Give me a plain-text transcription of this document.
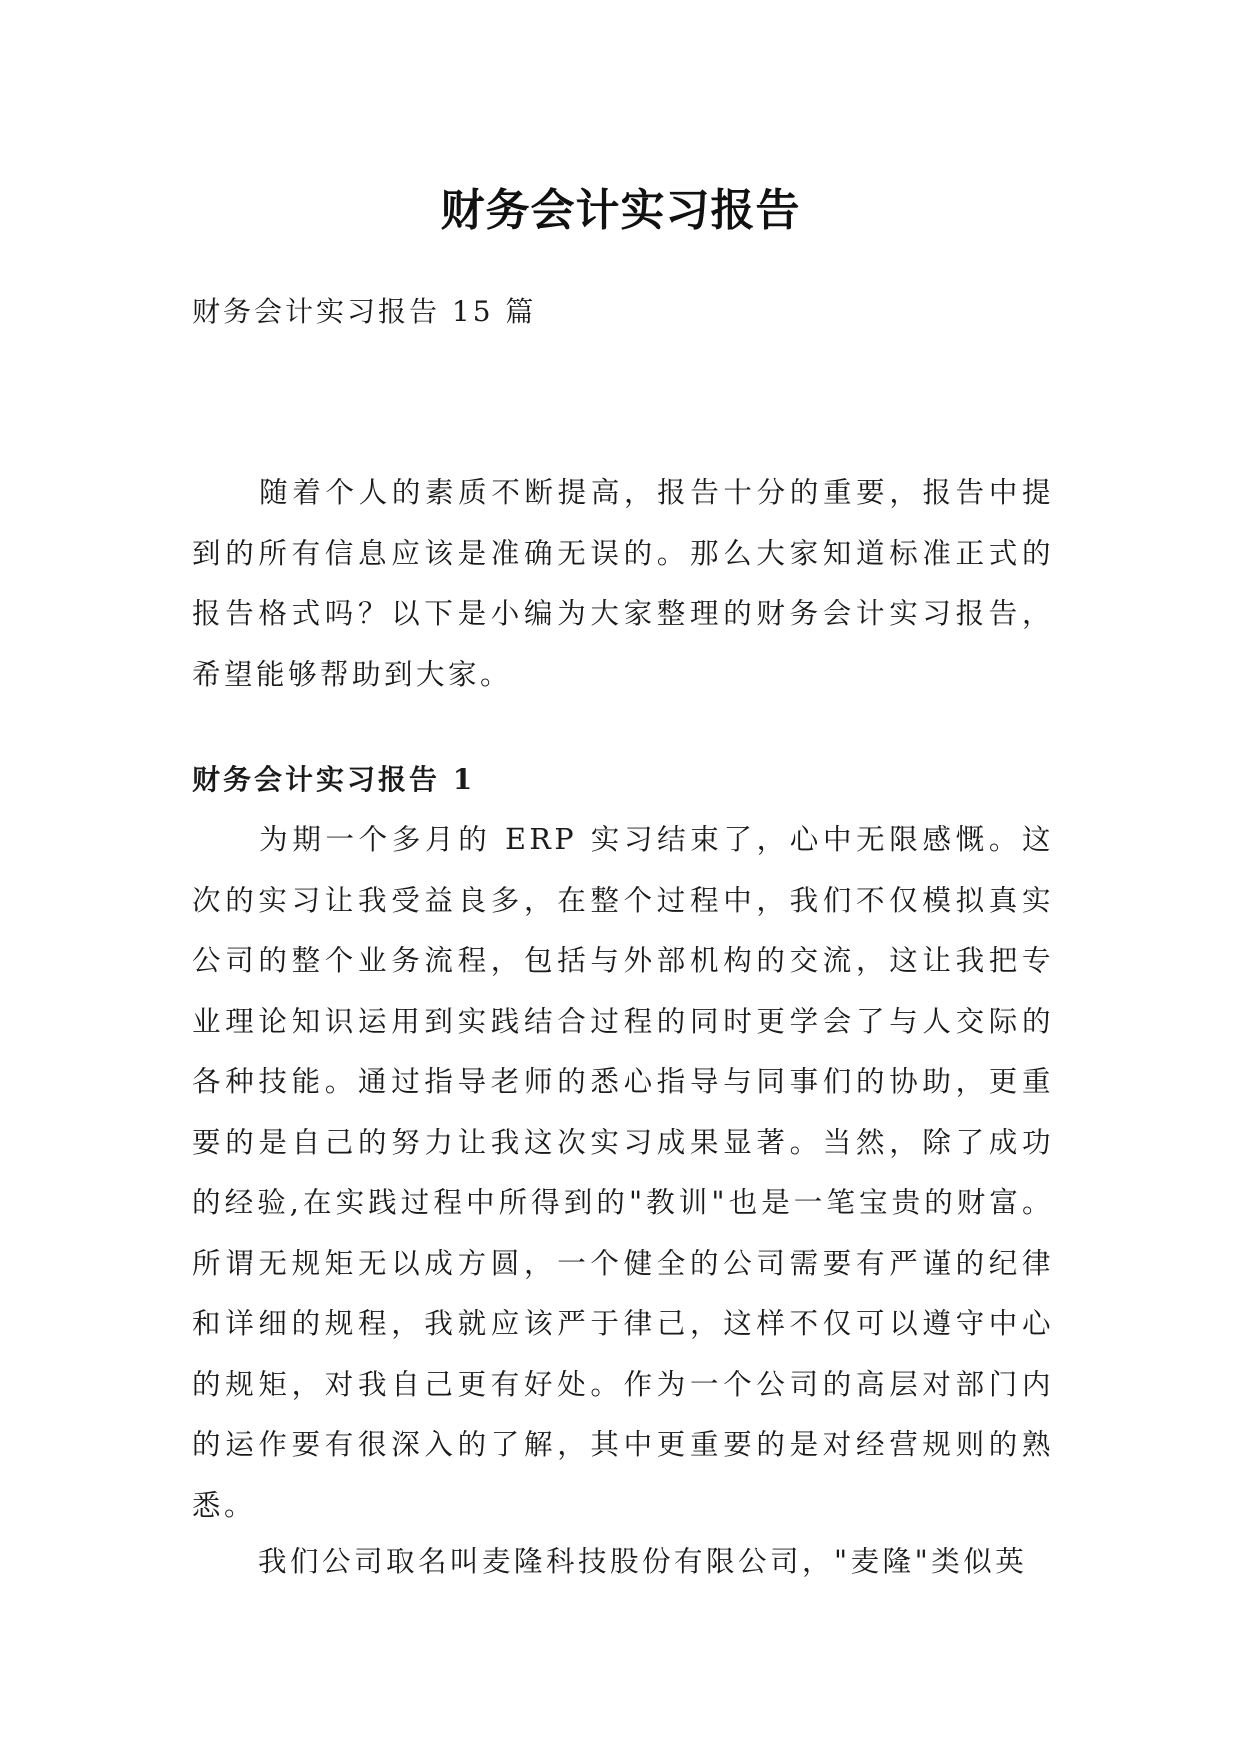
财务会计实习报告
财务会计实习报告 15 篇

随着个人的素质不断提高，报告十分的重要，报告中提到的所有信息应该是准确无误的。那么大家知道标准正式的报告格式吗？以下是小编为大家整理的财务会计实习报告，希望能够帮助到大家。

财务会计实习报告 1

为期一个多月的 ERP 实习结束了，心中无限感慨。这次的实习让我受益良多，在整个过程中，我们不仅模拟真实公司的整个业务流程，包括与外部机构的交流，这让我把专业理论知识运用到实践结合过程的同时更学会了与人交际的各种技能。通过指导老师的悉心指导与同事们的协助，更重要的是自己的努力让我这次实习成果显著。当然，除了成功的经验,在实践过程中所得到的"教训"也是一笔宝贵的财富。所谓无规矩无以成方圆，一个健全的公司需要有严谨的纪律和详细的规程，我就应该严于律己，这样不仅可以遵守中心的规矩，对我自己更有好处。作为一个公司的高层对部门内的运作要有很深入的了解，其中更重要的是对经营规则的熟悉。

我们公司取名叫麦隆科技股份有限公司，"麦隆"类似英
